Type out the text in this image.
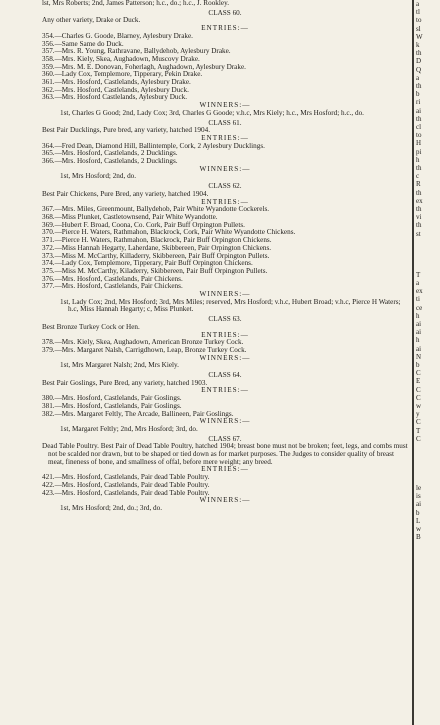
lst, Mrs Roberts; 2nd, James Patterson; h.c., do.; h.c., J. Rookley.
CLASS 60.
Any other variety, Drake or Duck.
ENTRIES:—
354.—Charles G. Goode, Blarney, Aylesbury Drake.
356.—Same Same do Duck.
357.—Mrs. R. Young, Rathravane, Ballydehob, Aylesbury Drake.
358.—Mrs. Kiely, Skea, Aughadown, Muscovy Drake.
359.—Mrs. M. E. Donovan, Foherlagh, Aughadown, Aylesbury Drake.
360.—Lady Cox, Templemore, Tipperary, Pekin Drake.
361.—Mrs. Hosford, Castlelands, Aylesbury Drake.
362.—Mrs. Hosford, Castlelands, Aylesbury Duck.
363.—Mrs. Hosford Castlelands, Aylesbury Duck.
WINNERS:—
1st, Charles G Good; 2nd, Lady Cox; 3rd, Charles G Goode; v.h.c, Mrs Kiely; h.c., Mrs Hosford; h.c., do.
CLASS 61.
Best Pair Ducklings, Pure bred, any variety, hatched 1904.
ENTRIES:—
364.—Fred Dean, Diamond Hill, Ballintemple, Cork, 2 Aylesbury Ducklings.
365.—Mrs. Hosford, Castlelands, 2 Ducklings.
366.—Mrs. Hosford, Castlelands, 2 Ducklings.
WINNERS:—
1st, Mrs Hosford; 2nd, do.
CLASS 62.
Best Pair Chickens, Pure Bred, any variety, hatched 1904.
ENTRIES:—
367.—Mrs. Miles, Greenmount, Ballydehob, Pair White Wyandotte Cockerels.
368.—Miss Plunket, Castletownsend, Pair White Wyandotte.
369.—Hubert F. Broad, Coona, Co. Cork, Pair Buff Orpington Pullets.
370.—Pierce H. Waters, Rathmahon, Blackrock, Cork, Pair White Wyandotte Chickens.
371.—Pierce H. Waters, Rathmahon, Blackrock, Pair Buff Orpington Chickens.
372.—Miss Hannah Hegarty, Laherdane, Skibbereen, Pair Orpington Chickens.
373.—Miss M. McCarthy, Killaderry, Skibbereen, Pair Buff Orpington Pullets.
374.—Lady Cox, Templemore, Tipperary, Pair Buff Orpington Chickens.
375.—Miss M. McCarthy, Kiladerry, Skibbereen, Pair Buff Orpington Pullets.
376.—Mrs. Hosford, Castlelands, Pair Chickens.
377.—Mrs. Hosford, Castlelands, Pair Chickens.
WINNERS:—
1st, Lady Cox; 2nd, Mrs Hosford; 3rd, Mrs Miles; reserved, Mrs Hosford; v.h.c, Hubert Broad; v.h.c, Pierce H Waters; h.c, Miss Hannah Hegarty; c, Miss Plunket.
CLASS 63.
Best Bronze Turkey Cock or Hen.
ENTRIES:—
378.—Mrs. Kiely, Skea, Aughadown, American Bronze Turkey Cock.
379.—Mrs. Margaret Nalsh, Carrigdhown, Leap, Bronze Turkey Cock.
WINNERS:—
1st, Mrs Margaret Nalsh; 2nd, Mrs Kiely.
CLASS 64.
Best Pair Goslings, Pure Bred, any variety, hatched 1903.
ENTRIES:—
380.—Mrs. Hosford, Castlelands, Pair Goslings.
381.—Mrs. Hosford, Castlelands, Pair Goslings.
382.—Mrs. Margaret Feltly, The Arcade, Ballineen, Pair Goslings.
WINNERS:—
1st, Margaret Feltly; 2nd, Mrs Hosford; 3rd, do.
CLASS 67.
Dead Table Poultry. Best Pair of Dead Table Poultry, hatched 1904; breast bone must not be broken; feet, legs, and combs must not be scalded nor drawn, but to be shaped or tied down as for market purposes. The Judges to consider quality of breast meat, fineness of bone, and smallness of offal, before mere weight; any breed.
ENTRIES:—
421.—Mrs. Hosford, Castlelands, Pair dead Table Poultry.
422.—Mrs. Hosford, Castlelands, Pair dead Table Poultry.
423.—Mrs. Hosford, Castlelands, Pair dead Table Poultry.
WINNERS:—
1st, Mrs Hosford; 2nd, do.; 3rd, do.
a
tl
to
sl
W
k
th
D
Q
a
th
b
ri
ai
th
cl
to
H
pi
h
th
c
R
th
ex
th
vi
th
st

T
a
ex
ti
ce
h
ai
ai
h
ai
N
b
C
E
C
C
w
y
C
T
C

le
is
ai
b
L
w
B
